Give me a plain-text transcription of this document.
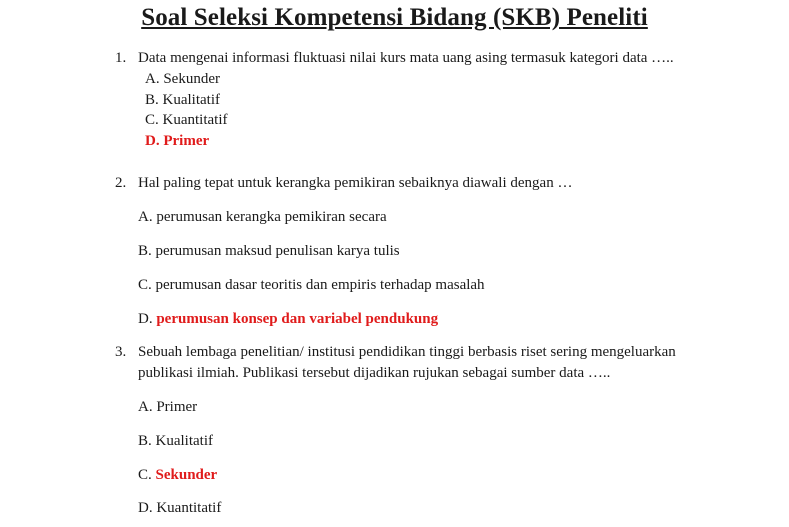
Soal Seleksi Kompetensi Bidang (SKB) Peneliti
1. Data mengenai informasi fluktuasi nilai kurs mata uang asing termasuk kategori data …..
A. Sekunder
B. Kualitatif
C. Kuantitatif
D. Primer
2. Hal paling tepat untuk kerangka pemikiran sebaiknya diawali dengan …
A. perumusan kerangka pemikiran secara
B. perumusan maksud penulisan karya tulis
C. perumusan dasar teoritis dan empiris terhadap masalah
D. perumusan konsep dan variabel pendukung
3. Sebuah lembaga penelitian/ institusi pendidikan tinggi berbasis riset sering mengeluarkan
publikasi ilmiah. Publikasi tersebut dijadikan rujukan sebagai sumber data …..
A. Primer
B. Kualitatif
C. Sekunder
D. Kuantitatif
